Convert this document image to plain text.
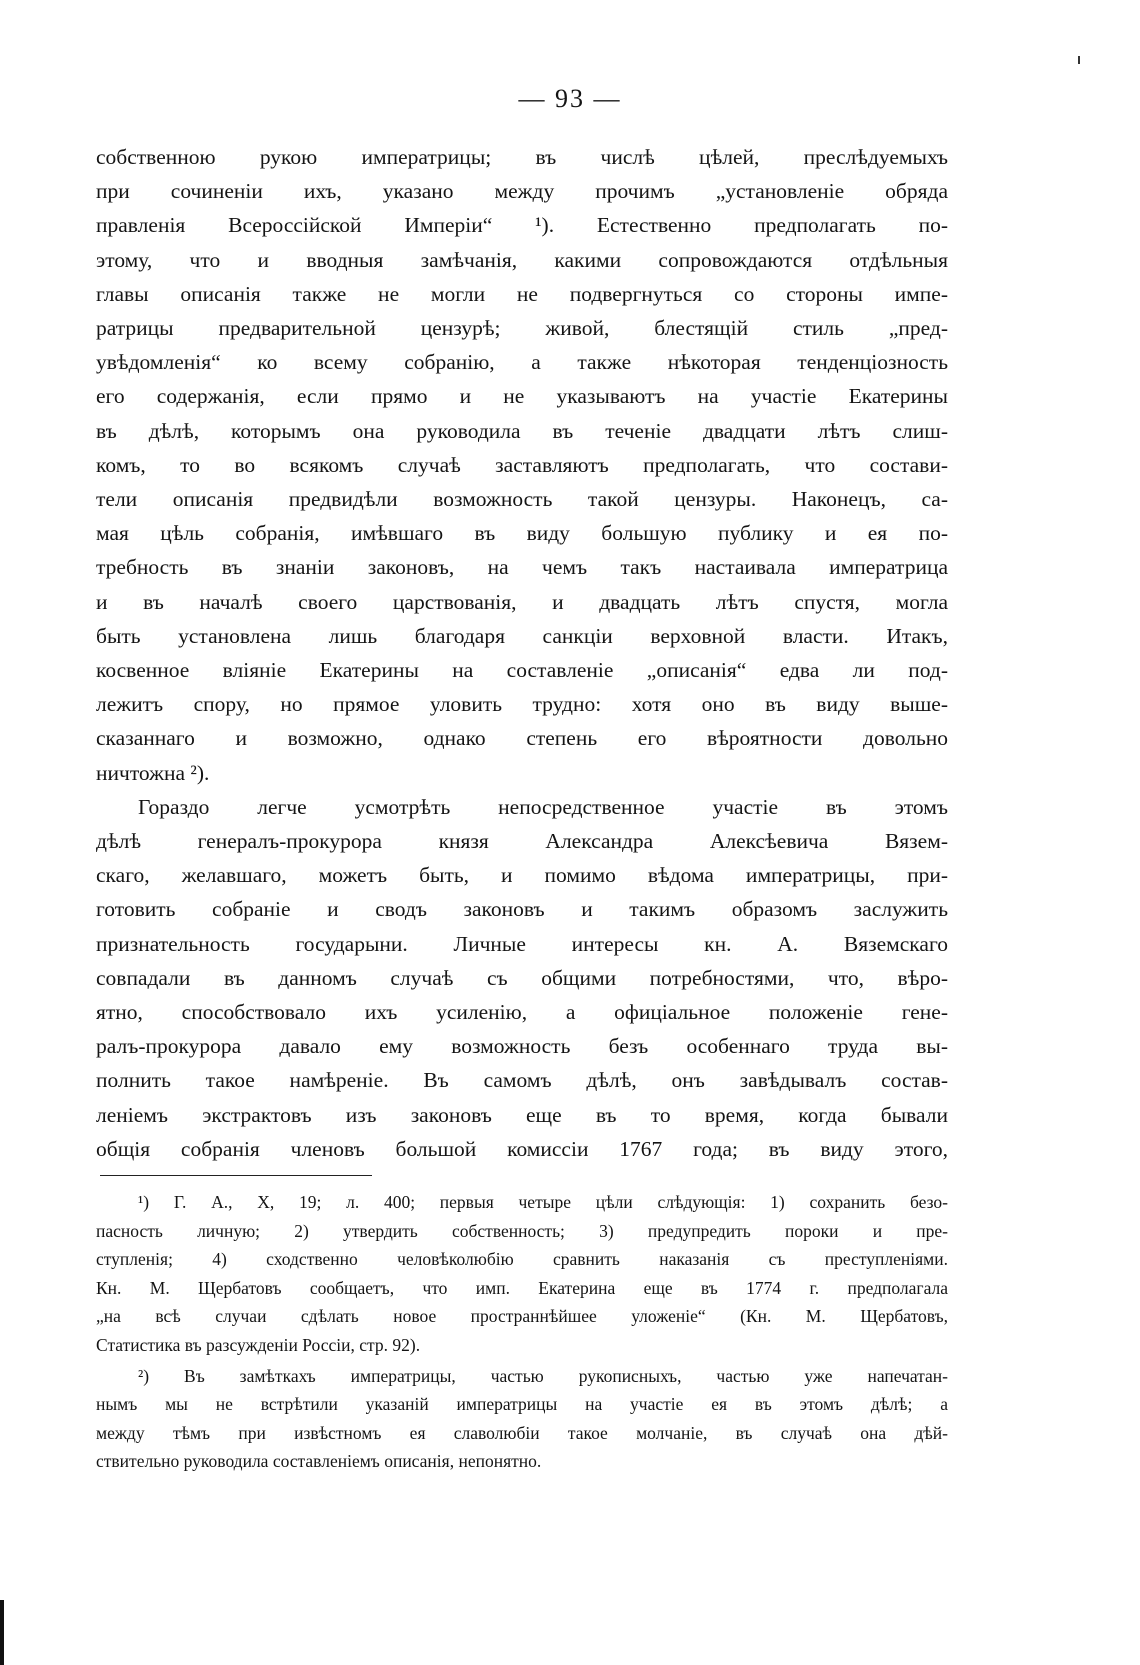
— 93 —

собственною рукою императрицы; въ числѣ цѣлей, преслѣдуемыхъ
при сочиненіи ихъ, указано между прочимъ „установленіе обряда
правленія Всероссійской Имперіи“ ¹). Естественно предполагать по-
этому, что и вводныя замѣчанія, какими сопровождаются отдѣльныя
главы описанія также не могли не подвергнуться со стороны импе-
ратрицы предварительной цензурѣ; живой, блестящій стиль „пред-
увѣдомленія“ ко всему собранію, а также нѣкоторая тенденціозность
его содержанія, если прямо и не указываютъ на участіе Екатерины
въ дѣлѣ, которымъ она руководила въ теченіе двадцати лѣтъ слиш-
комъ, то во всякомъ случаѣ заставляютъ предполагать, что состави-
тели описанія предвидѣли возможность такой цензуры. Наконецъ, са-
мая цѣль собранія, имѣвшаго въ виду большую публику и ея по-
требность въ знаніи законовъ, на чемъ такъ настаивала императрица
и въ началѣ своего царствованія, и двадцать лѣтъ спустя, могла
быть установлена лишь благодаря санкціи верховной власти. Итакъ,
косвенное вліяніе Екатерины на составленіе „описанія“ едва ли под-
лежитъ спору, но прямое уловить трудно: хотя оно въ виду выше-
сказаннаго и возможно, однако степень его вѣроятности довольно
ничтожна ²).

Гораздо легче усмотрѣть непосредственное участіе въ этомъ
дѣлѣ генералъ-прокурора князя Александра Алексѣевича Вязем-
скаго, желавшаго, можетъ быть, и помимо вѣдома императрицы, при-
готовить собраніе и сводъ законовъ и такимъ образомъ заслужить
признательность государыни. Личные интересы кн. А. Вяземскаго
совпадали въ данномъ случаѣ съ общими потребностями, что, вѣро-
ятно, способствовало ихъ усиленію, а офиціальное положеніе гене-
ралъ-прокурора давало ему возможность безъ особеннаго труда вы-
полнить такое намѣреніе. Въ самомъ дѣлѣ, онъ завѣдывалъ состав-
леніемъ экстрактовъ изъ законовъ еще въ то время, когда бывали
общія собранія членовъ большой комиссіи 1767 года; въ виду этого,

¹) Г. А., X, 19; л. 400; первыя четыре цѣли слѣдующія: 1) сохранить безо-
пасность личную; 2) утвердить собственность; 3) предупредить пороки и пре-
ступленія; 4) сходственно человѣколюбію сравнить наказанія съ преступленіями.
Кн. М. Щербатовъ сообщаетъ, что имп. Екатерина еще въ 1774 г. предполагала
„на всѣ случаи сдѣлать новое пространнѣйшее уложеніе“ (Кн. М. Щербатовъ,
Статистика въ разсужденіи Россіи, стр. 92).

²) Въ замѣткахъ императрицы, частью рукописныхъ, частью уже напечатан-
нымъ мы не встрѣтили указаній императрицы на участіе ея въ этомъ дѣлѣ; а
между тѣмъ при извѣстномъ ея славолюбіи такое молчаніе, въ случаѣ она дѣй-
ствительно руководила составленіемъ описанія, непонятно.
